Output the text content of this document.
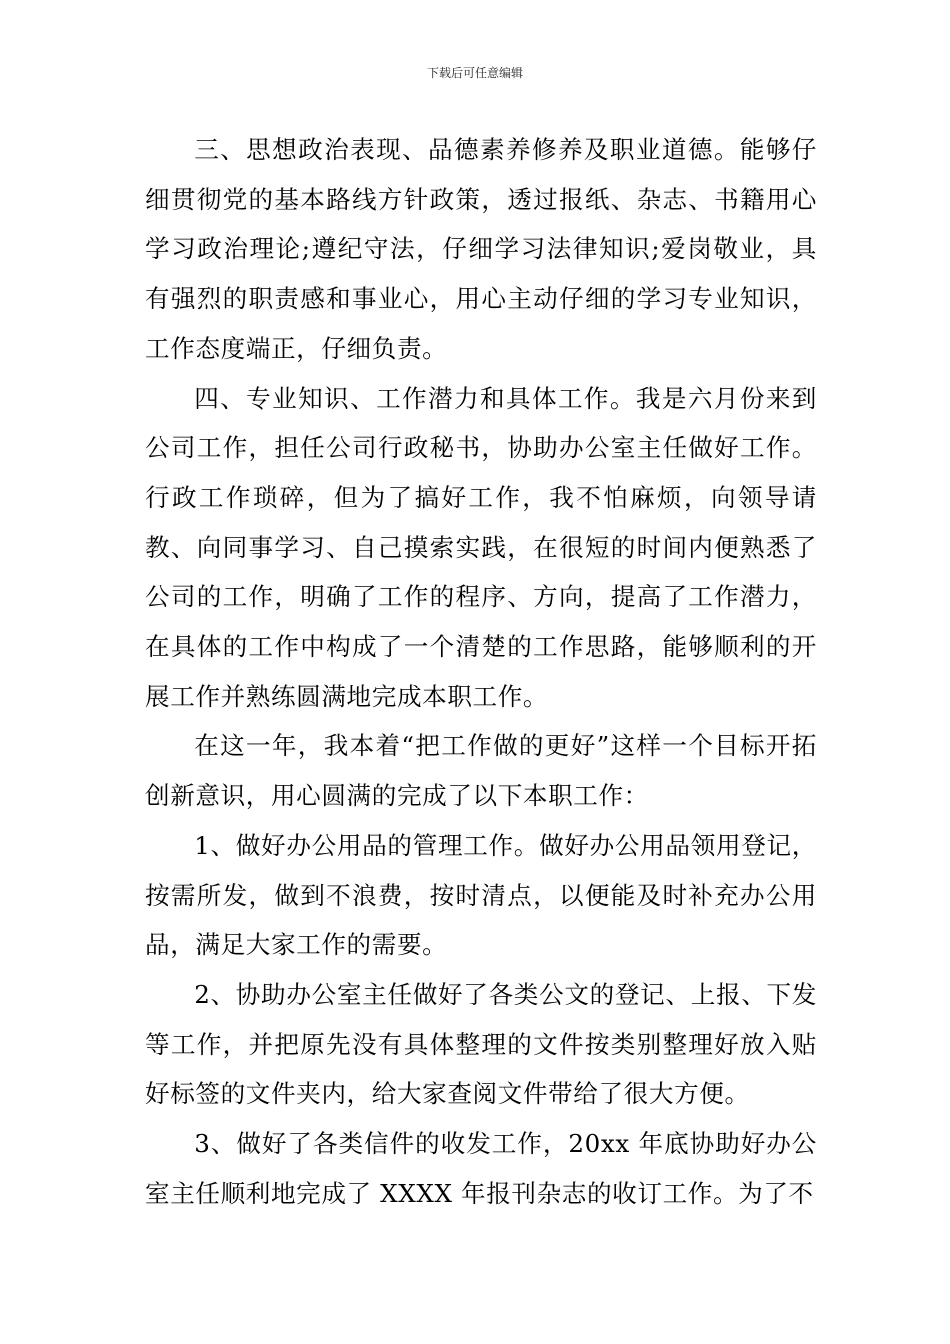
下载后可任意编辑

三、思想政治表现、品德素养修养及职业道德。能够仔细贯彻党的基本路线方针政策，透过报纸、杂志、书籍用心学习政治理论;遵纪守法，仔细学习法律知识;爱岗敬业，具有强烈的职责感和事业心，用心主动仔细的学习专业知识，工作态度端正，仔细负责。

四、专业知识、工作潜力和具体工作。我是六月份来到公司工作，担任公司行政秘书，协助办公室主任做好工作。行政工作琐碎，但为了搞好工作，我不怕麻烦，向领导请教、向同事学习、自己摸索实践，在很短的时间内便熟悉了公司的工作，明确了工作的程序、方向，提高了工作潜力，在具体的工作中构成了一个清楚的工作思路，能够顺利的开展工作并熟练圆满地完成本职工作。

在这一年，我本着“把工作做的更好”这样一个目标开拓创新意识，用心圆满的完成了以下本职工作：

1、做好办公用品的管理工作。做好办公用品领用登记，按需所发，做到不浪费，按时清点，以便能及时补充办公用品，满足大家工作的需要。

2、协助办公室主任做好了各类公文的登记、上报、下发等工作，并把原先没有具体整理的文件按类别整理好放入贴好标签的文件夹内，给大家查阅文件带给了很大方便。

3、做好了各类信件的收发工作，20xx 年底协助好办公室主任顺利地完成了 XXXX 年报刊杂志的收订工作。为了不
